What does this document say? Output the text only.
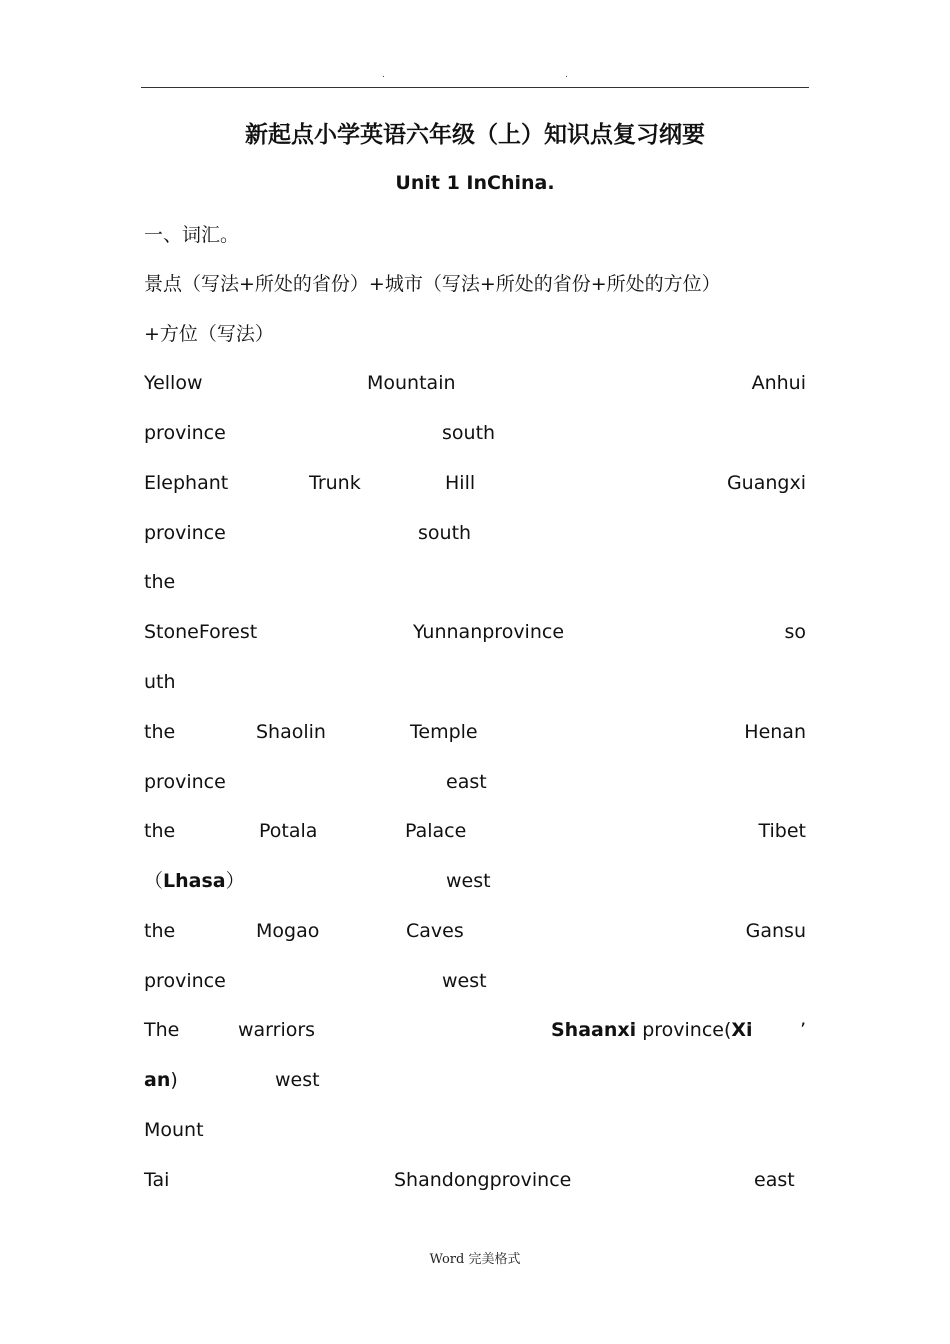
.	.
新起点小学英语六年级（上）知识点复习纲要
Unit 1 InChina.
一、词汇。
景点（写法+所处的省份）+城市（写法+所处的省份+所处的方位）
+方位（写法）
Yellow	Mountain	Anhui
province	south
Elephant	Trunk	Hill	Guangxi
province	south
the
StoneForest	Yunnanprovince	so
uth
the	Shaolin	Temple	Henan
province	east
the	Potala	Palace	Tibet
（Lhasa）	west
the	Mogao	Caves	Gansu
province	west
The	warriors	Shaanxi province(Xi ’
an)	west
Mount
Tai	Shandongprovince	east
Word 完美格式
